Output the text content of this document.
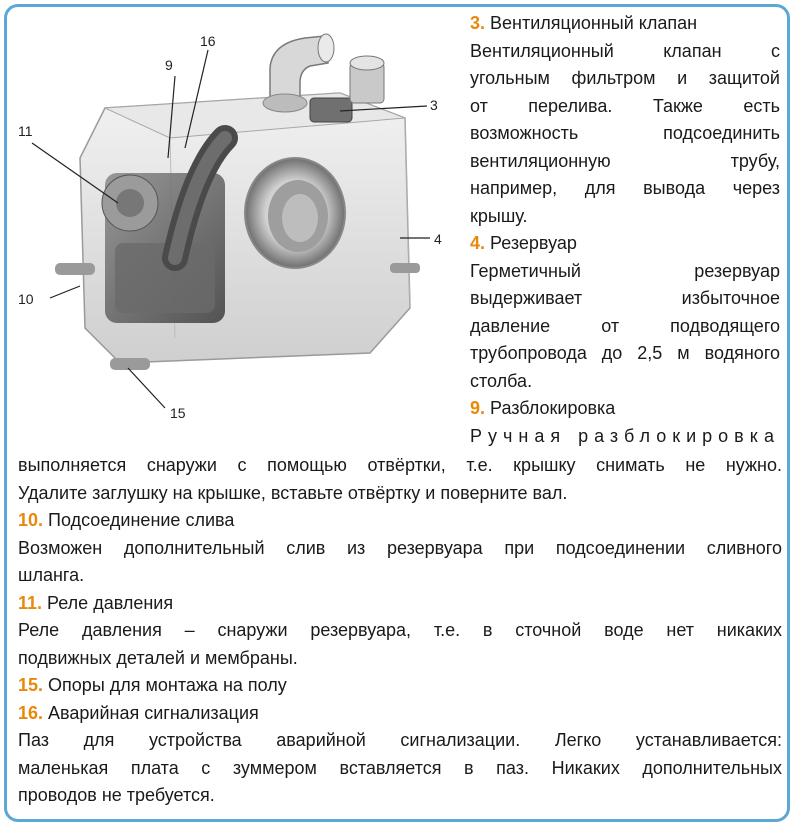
16
9
3
11
4
10
15
3. Вентиляционный клапан
Вентиляционный клапан с
угольным фильтром и защитой
от перелива. Также есть
возможность подсоединить
вентиляционную трубу,
например, для вывода через
крышу.
4. Резервуар
Герметичный резервуар
выдерживает избыточное
давление от подводящего
трубопровода до 2,5 м водяного
столба.
9. Разблокировка
Ручная разблокировка
выполняется снаружи с помощью отвёртки, т.е. крышку снимать не нужно.
Удалите заглушку на крышке, вставьте отвёртку и поверните вал.
10. Подсоединение слива
Возможен дополнительный слив из резервуара при подсоединении сливного
шланга.
11. Реле давления
Реле давления – снаружи резервуара, т.е. в сточной воде нет никаких
подвижных деталей и мембраны.
15. Опоры для монтажа на полу
16. Аварийная сигнализация
Паз для устройства аварийной сигнализации. Легко устанавливается:
маленькая плата с зуммером вставляется в паз. Никаких дополнительных
проводов не требуется.
